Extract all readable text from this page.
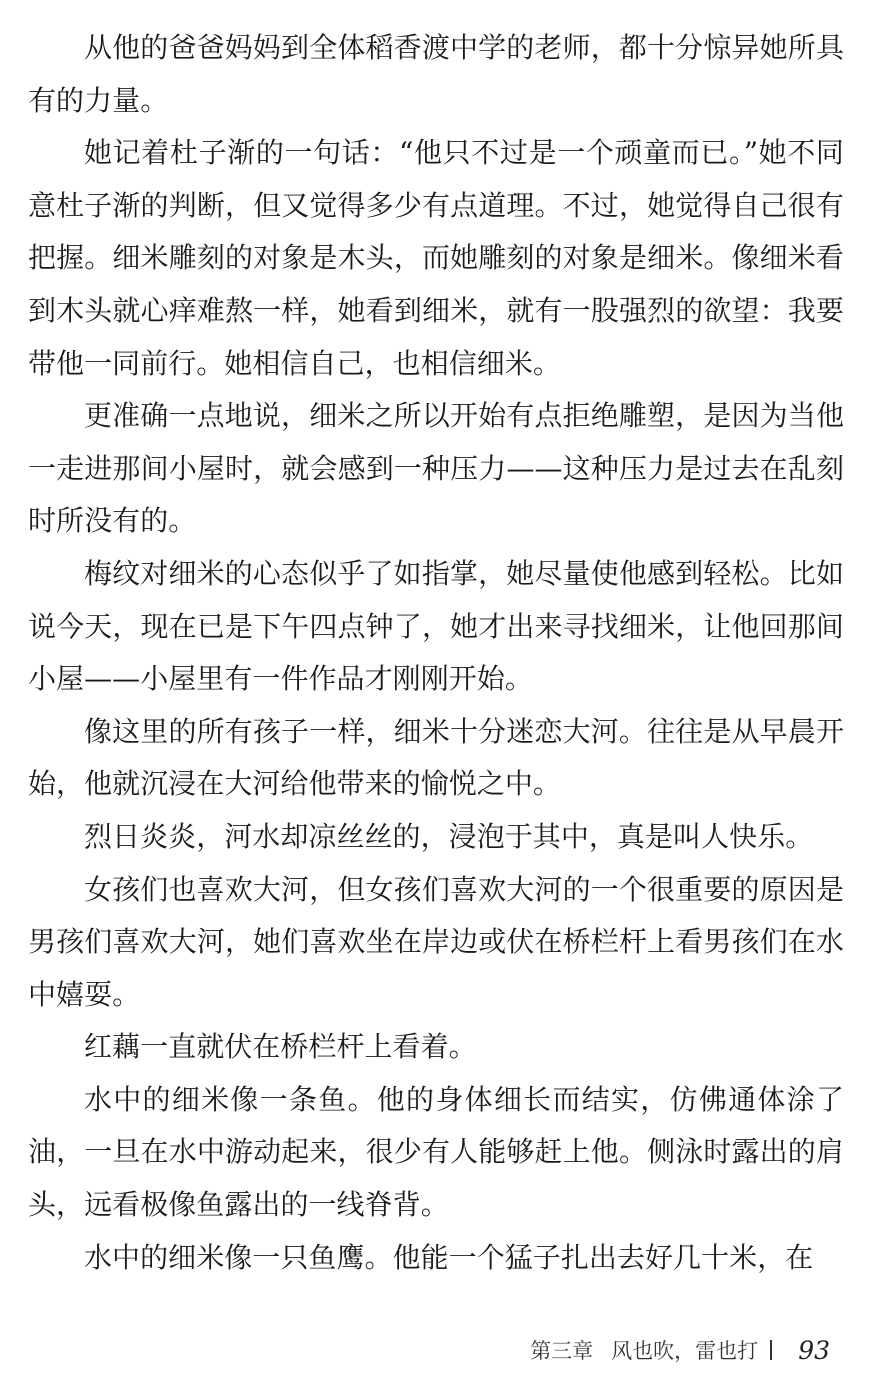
从他的爸爸妈妈到全体稻香渡中学的老师，都十分惊异她所具有的力量。

她记着杜子渐的一句话：“他只不过是一个顽童而已。”她不同意杜子渐的判断，但又觉得多少有点道理。不过，她觉得自己很有把握。细米雕刻的对象是木头，而她雕刻的对象是细米。像细米看到木头就心痒难熬一样，她看到细米，就有一股强烈的欲望：我要带他一同前行。她相信自己，也相信细米。

更准确一点地说，细米之所以开始有点拒绝雕塑，是因为当他一走进那间小屋时，就会感到一种压力——这种压力是过去在乱刻时所没有的。

梅纹对细米的心态似乎了如指掌，她尽量使他感到轻松。比如说今天，现在已是下午四点钟了，她才出来寻找细米，让他回那间小屋——小屋里有一件作品才刚刚开始。

像这里的所有孩子一样，细米十分迷恋大河。往往是从早晨开始，他就沉浸在大河给他带来的愉悦之中。

烈日炎炎，河水却凉丝丝的，浸泡于其中，真是叫人快乐。

女孩们也喜欢大河，但女孩们喜欢大河的一个很重要的原因是男孩们喜欢大河，她们喜欢坐在岸边或伏在桥栏杆上看男孩们在水中嬉耍。

红藕一直就伏在桥栏杆上看着。

水中的细米像一条鱼。他的身体细长而结实，仿佛通体涂了油，一旦在水中游动起来，很少有人能够赶上他。侧泳时露出的肩头，远看极像鱼露出的一线脊背。

水中的细米像一只鱼鹰。他能一个猛子扎出去好几十米，在

第三章 风也吹，雷也打 93
